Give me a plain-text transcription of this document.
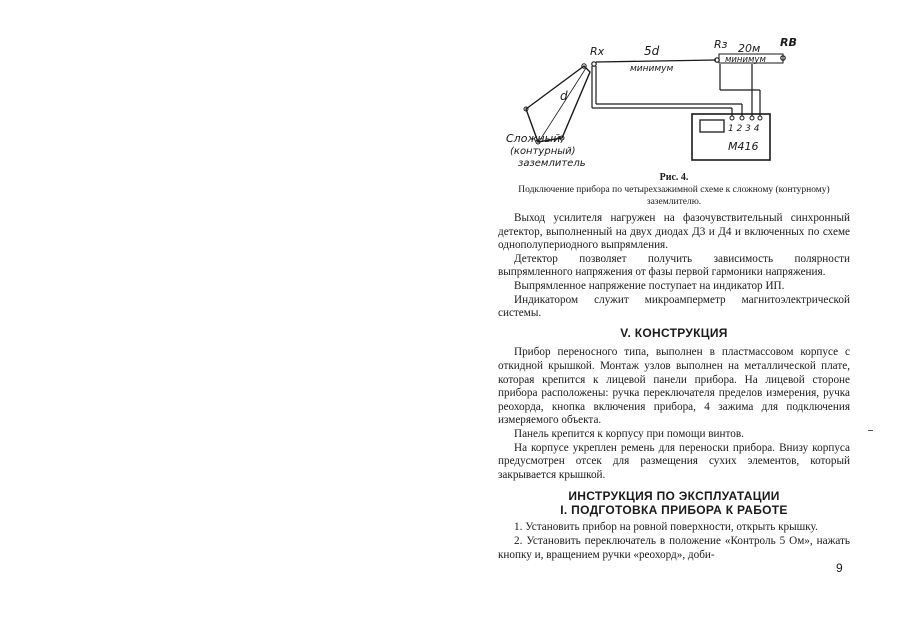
d
Rx	5d
минимум
Rз 20м
минимум
RВ
1 2 3 4
М416
Сложный,
(контурный)
заземлитель
Рис. 4.
Подключение прибора по четырехзажимной схеме к сложному (контурному) заземлителю.

Выход усилителя нагружен на фазочувствительный синхронный детектор, выполненный на двух диодах Д3 и Д4 и включенных по схеме однополупериодного выпрямления.

Детектор позволяет получить зависимость полярности выпрямленного напряжения от фазы первой гармоники напряжения.

Выпрямленное напряжение поступает на индикатор ИП.

Индикатором служит микроамперметр магнитоэлектрической системы.

V. КОНСТРУКЦИЯ

Прибор переносного типа, выполнен в пластмассовом корпусе с откидной крышкой. Монтаж узлов выполнен на металлической плате, которая крепится к лицевой панели прибора. На лицевой стороне прибора расположены: ручка переключателя пределов измерения, ручка реохорда, кнопка включения прибора, 4 зажима для подключения измеряемого объекта.

Панель крепится к корпусу при помощи винтов.

На корпусе укреплен ремень для переноски прибора. Внизу корпуса предусмотрен отсек для размещения сухих элементов, который закрывается крышкой.

ИНСТРУКЦИЯ ПО ЭКСПЛУАТАЦИИ
I. ПОДГОТОВКА ПРИБОРА К РАБОТЕ

1. Установить прибор на ровной поверхности, открыть крышку.

2. Установить переключатель в положение «Контроль 5 Ом», нажать кнопку и, вращением ручки «реохорд», доби-

9
